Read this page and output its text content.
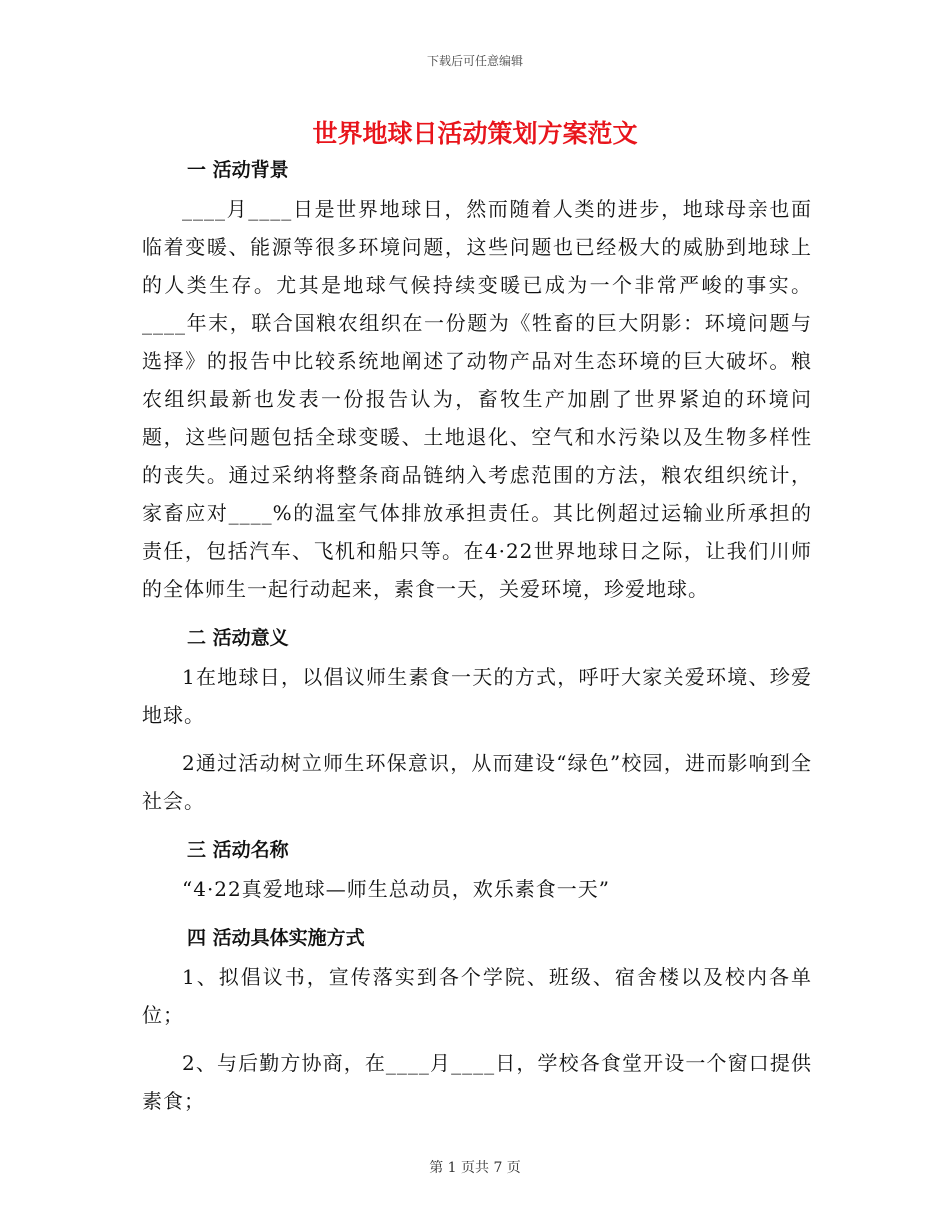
下载后可任意编辑
世界地球日活动策划方案范文
一 活动背景

____月____日是世界地球日，然而随着人类的进步，地球母亲也面临着变暖、能源等很多环境问题，这些问题也已经极大的威胁到地球上的人类生存。尤其是地球气候持续变暖已成为一个非常严峻的事实。____年末，联合国粮农组织在一份题为《牲畜的巨大阴影：环境问题与选择》的报告中比较系统地阐述了动物产品对生态环境的巨大破坏。粮农组织最新也发表一份报告认为，畜牧生产加剧了世界紧迫的环境问题，这些问题包括全球变暖、土地退化、空气和水污染以及生物多样性的丧失。通过采纳将整条商品链纳入考虑范围的方法，粮农组织统计，家畜应对____%的温室气体排放承担责任。其比例超过运输业所承担的责任，包括汽车、飞机和船只等。在4·22世界地球日之际，让我们川师的全体师生一起行动起来，素食一天，关爱环境，珍爱地球。

二 活动意义

1在地球日，以倡议师生素食一天的方式，呼吁大家关爱环境、珍爱地球。

2通过活动树立师生环保意识，从而建设“绿色”校园，进而影响到全社会。

三 活动名称

“4·22真爱地球—师生总动员，欢乐素食一天”

四 活动具体实施方式

1、拟倡议书，宣传落实到各个学院、班级、宿舍楼以及校内各单位；

2、与后勤方协商，在____月____日，学校各食堂开设一个窗口提供素食；

第 1 页共 7 页
